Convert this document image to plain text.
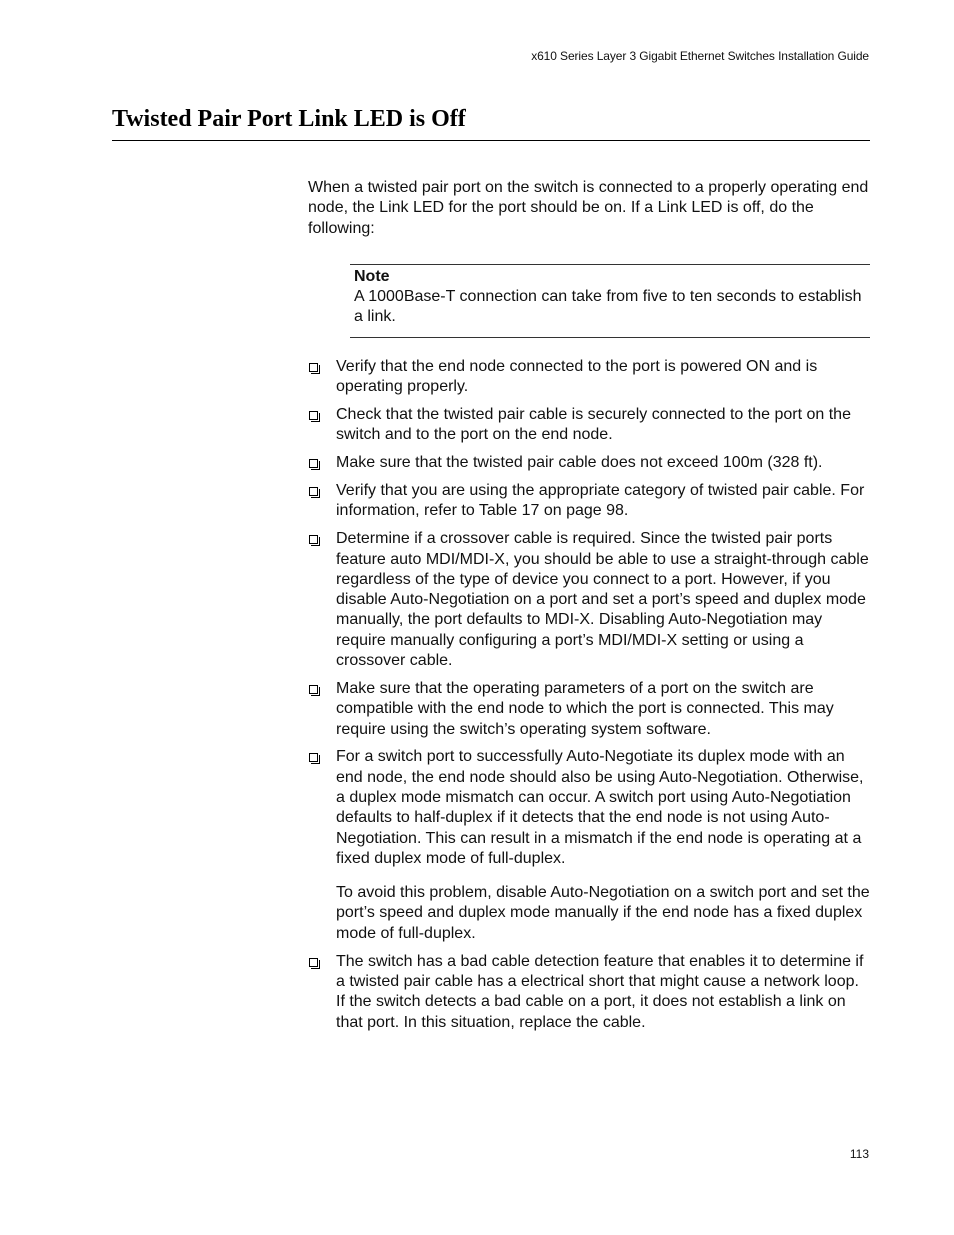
x610 Series Layer 3 Gigabit Ethernet Switches Installation Guide
Twisted Pair Port Link LED is Off

When a twisted pair port on the switch is connected to a properly operating end node, the Link LED for the port should be on. If a Link LED is off, do the following:

Note

A 1000Base-T connection can take from five to ten seconds to establish a link.

Verify that the end node connected to the port is powered ON and is operating properly.

Check that the twisted pair cable is securely connected to the port on the switch and to the port on the end node.

Make sure that the twisted pair cable does not exceed 100m (328 ft).

Verify that you are using the appropriate category of twisted pair cable. For information, refer to Table 17 on page 98.

Determine if a crossover cable is required. Since the twisted pair ports feature auto MDI/MDI-X, you should be able to use a straight-through cable regardless of the type of device you connect to a port. However, if you disable Auto-Negotiation on a port and set a port’s speed and duplex mode manually, the port defaults to MDI-X. Disabling Auto-Negotiation may require manually configuring a port’s MDI/MDI-X setting or using a crossover cable.

Make sure that the operating parameters of a port on the switch are compatible with the end node to which the port is connected. This may require using the switch’s operating system software.

For a switch port to successfully Auto-Negotiate its duplex mode with an end node, the end node should also be using Auto-Negotiation. Otherwise, a duplex mode mismatch can occur. A switch port using Auto-Negotiation defaults to half-duplex if it detects that the end node is not using Auto-Negotiation. This can result in a mismatch if the end node is operating at a fixed duplex mode of full-duplex.

To avoid this problem, disable Auto-Negotiation on a switch port and set the port’s speed and duplex mode manually if the end node has a fixed duplex mode of full-duplex.

The switch has a bad cable detection feature that enables it to determine if a twisted pair cable has a electrical short that might cause a network loop. If the switch detects a bad cable on a port, it does not establish a link on that port. In this situation, replace the cable.

113
